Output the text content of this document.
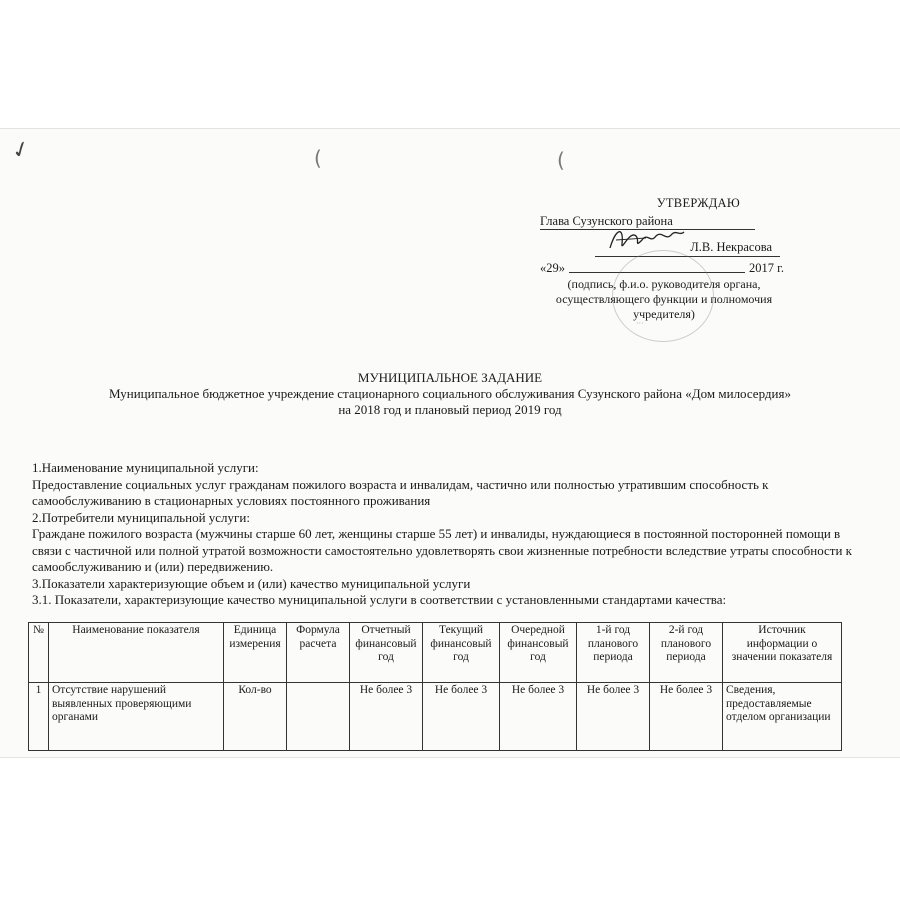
✓	(	(
УТВЕРЖДАЮ
Глава Сузунского района
Л.В. Некрасова
« 29 »	2017 г.
(подпись, ф.и.о. руководителя органа, осуществляющего функции и полномочия учредителя)
···
МУНИЦИПАЛЬНОЕ ЗАДАНИЕ
Муниципальное бюджетное учреждение стационарного социального обслуживания Сузунского района «Дом милосердия»
на 2018 год и плановый период 2019 год

1.Наименование муниципальной услуги:

Предоставление социальных услуг гражданам пожилого возраста и инвалидам, частично или полностью утратившим способность к самообслуживанию в стационарных условиях постоянного проживания

2.Потребители муниципальной услуги:

Граждане пожилого возраста (мужчины старше 60 лет, женщины старше 55 лет) и инвалиды, нуждающиеся в постоянной посторонней помощи в связи с частичной или полной утратой возможности самостоятельно удовлетворять свои жизненные потребности вследствие утраты способности к самообслуживанию и (или) передвижению.

3.Показатели характеризующие объем и (или) качество муниципальной услуги

3.1. Показатели, характеризующие качество муниципальной услуги в соответствии с установленными стандартами качества:

№	Наименование показателя	Единица измерения	Формула расчета	Отчетный финансовый год	Текущий финансовый год	Очередной финансовый год	1-й год планового периода	2-й год планового периода	Источник информации о значении показателя
1	Отсутствие нарушений выявленных проверяющими органами	Кол-во		Не более 3	Не более 3	Не более 3	Не более 3	Не более 3	Сведения, предоставляемые отделом организации
